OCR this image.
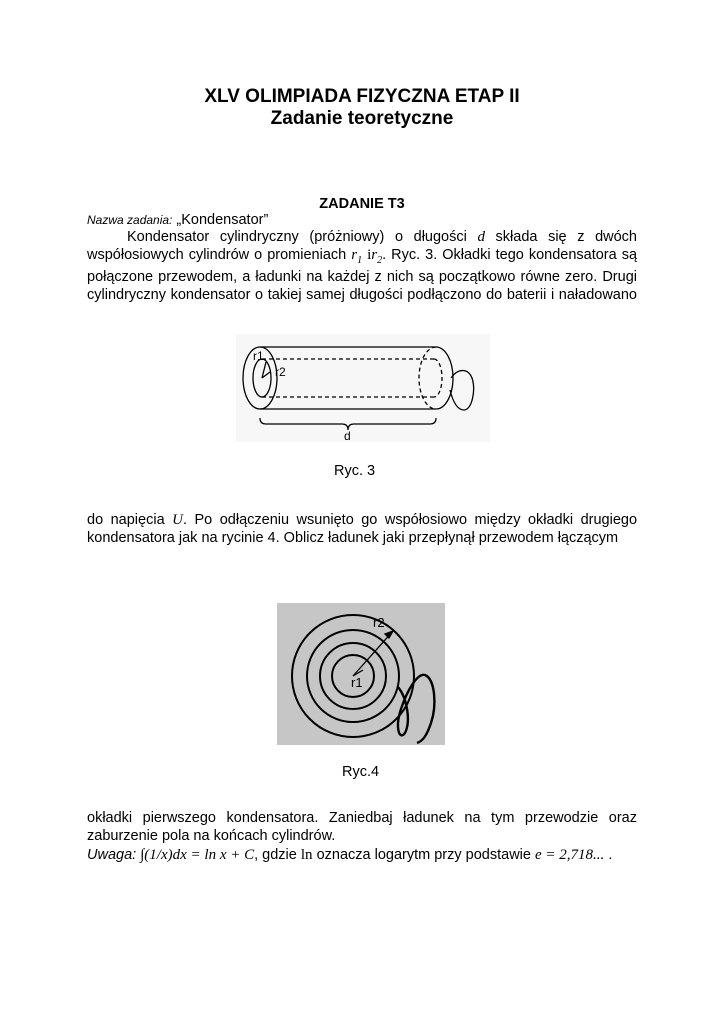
XLV OLIMPIADA FIZYCZNA ETAP II
Zadanie teoretyczne
ZADANIE T3
Nazwa zadania: „Kondensator”
Kondensator cylindryczny (próżniowy) o długości d składa się z dwóch
współosiowych cylindrów o promieniach $r_1$ $ir_2$. Ryc. 3. Okładki tego kondensatora są
połączone przewodem, a ładunki na każdej z nich są początkowo równe zero. Drugi
cylindryczny kondensator o takiej samej długości podłączono do baterii i naładowano
r1
r2
d
Ryc. 3
do napięcia U. Po odłączeniu wsunięto go współosiowo między okładki drugiego
kondensatora jak na rycinie 4. Oblicz ładunek jaki przepłynął przewodem łączącym
r2
r1
Ryc.4
okładki pierwszego kondensatora. Zaniedbaj ładunek na tym przewodzie oraz
zaburzenie pola na końcach cylindrów.
Uwaga: ∫(1/x)dx = ln x + C, gdzie ln oznacza logarytm przy podstawie e = 2,718... .
